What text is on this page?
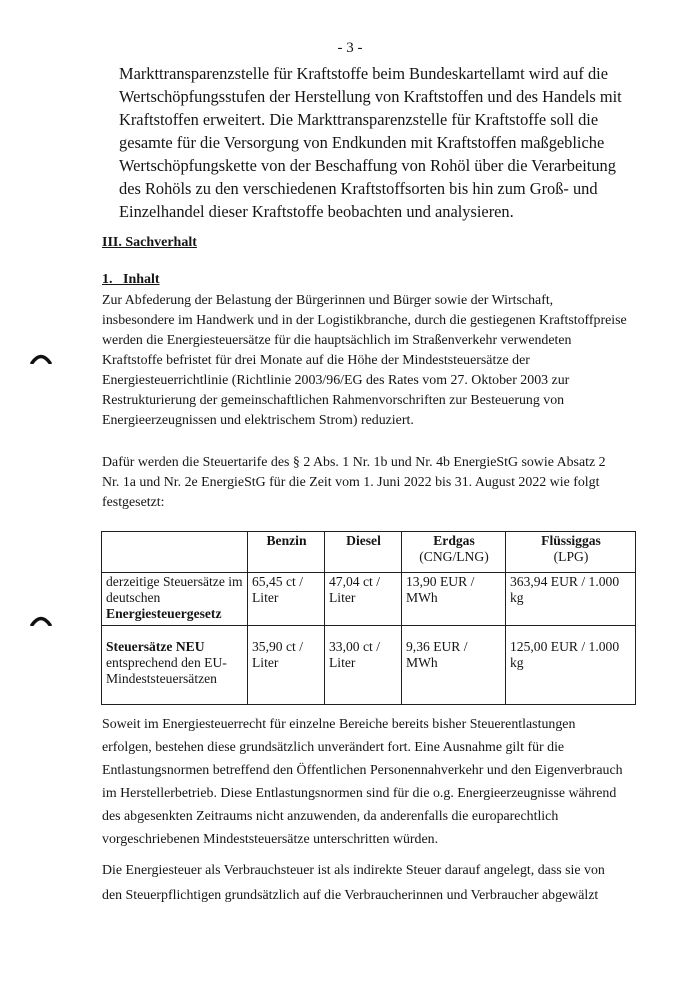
- 3 -

Markttransparenzstelle für Kraftstoffe beim Bundeskartellamt wird auf die
Wertschöpfungsstufen der Herstellung von Kraftstoffen und des Handels mit
Kraftstoffen erweitert. Die Markttransparenzstelle für Kraftstoffe soll die
gesamte für die Versorgung von Endkunden mit Kraftstoffen maßgebliche
Wertschöpfungskette von der Beschaffung von Rohöl über die Verarbeitung
des Rohöls zu den verschiedenen Kraftstoffsorten bis hin zum Groß- und
Einzelhandel dieser Kraftstoffe beobachten und analysieren.

III. Sachverhalt
1.   Inhalt

Zur Abfederung der Belastung der Bürgerinnen und Bürger sowie der Wirtschaft,
insbesondere im Handwerk und in der Logistikbranche, durch die gestiegenen Kraftstoffpreise
werden die Energiesteuersätze für die hauptsächlich im Straßenverkehr verwendeten
Kraftstoffe befristet für drei Monate auf die Höhe der Mindeststeuersätze der
Energiesteuerrichtlinie (Richtlinie 2003/96/EG des Rates vom 27. Oktober 2003 zur
Restrukturierung der gemeinschaftlichen Rahmenvorschriften zur Besteuerung von
Energieerzeugnissen und elektrischem Strom) reduziert.

Dafür werden die Steuertarife des § 2 Abs. 1 Nr. 1b und Nr. 4b EnergieStG sowie Absatz 2
Nr. 1a und Nr. 2e EnergieStG für die Zeit vom 1. Juni 2022 bis 31. August 2022 wie folgt
festgesetzt:

	Benzin	Diesel	Erdgas
(CNG/LNG)	Flüssiggas
(LPG)
derzeitige Steuersätze im deutschen
Energiesteuergesetz	65,45 ct / Liter	47,04 ct / Liter	13,90 EUR / MWh	363,94 EUR / 1.000 kg

Steuersätze NEU
entsprechend den EU-Mindeststeuersätzen	35,90 ct / Liter	33,00 ct / Liter	9,36 EUR / MWh	125,00 EUR / 1.000 kg

Soweit im Energiesteuerrecht für einzelne Bereiche bereits bisher Steuerentlastungen
erfolgen, bestehen diese grundsätzlich unverändert fort. Eine Ausnahme gilt für die
Entlastungsnormen betreffend den Öffentlichen Personennahverkehr und den Eigenverbrauch
im Herstellerbetrieb. Diese Entlastungsnormen sind für die o.g. Energieerzeugnisse während
des abgesenkten Zeitraums nicht anzuwenden, da anderenfalls die europarechtlich
vorgeschriebenen Mindeststeuersätze unterschritten würden.

Die Energiesteuer als Verbrauchsteuer ist als indirekte Steuer darauf angelegt, dass sie von
den Steuerpflichtigen grundsätzlich auf die Verbraucherinnen und Verbraucher abgewälzt
